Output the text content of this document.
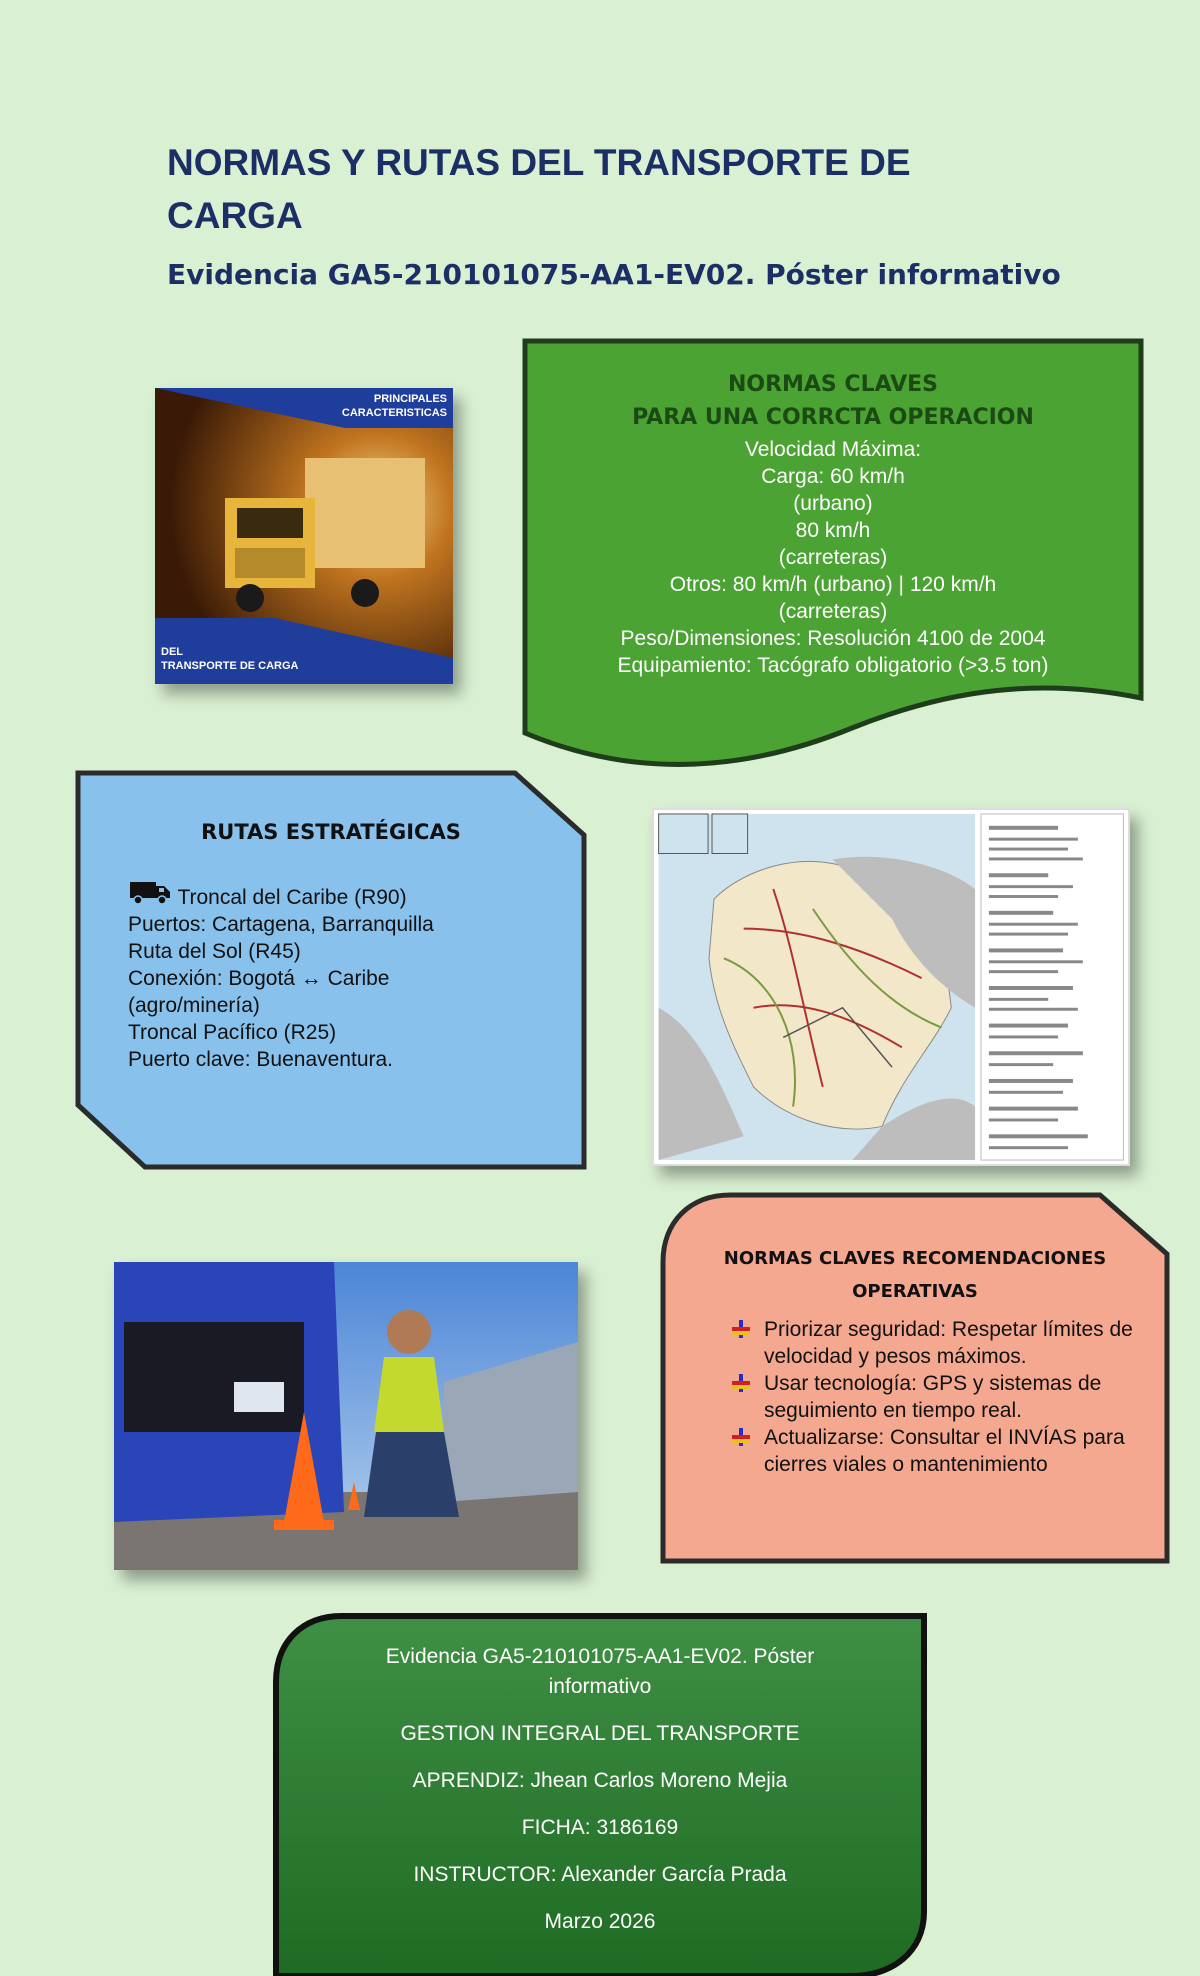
NORMAS Y RUTAS DEL TRANSPORTE DE CARGA
Evidencia GA5-210101075-AA1-EV02. Póster informativo
PRINCIPALES
CARACTERISTICAS
DEL
TRANSPORTE DE CARGA
NORMAS CLAVES
PARA UNA CORRCTA OPERACION
Velocidad Máxima:
Carga: 60 km/h
(urbano)
80 km/h
(carreteras)
Otros: 80 km/h (urbano) | 120 km/h
(carreteras)
Peso/Dimensiones: Resolución 4100 de 2004
Equipamiento: Tacógrafo obligatorio (>3.5 ton)
RUTAS ESTRATÉGICAS
Troncal del Caribe (R90)
Puertos: Cartagena, Barranquilla
Ruta del Sol (R45)
Conexión: Bogotá ↔ Caribe
(agro/minería)
Troncal Pacífico (R25)
Puerto clave: Buenaventura.
NORMAS CLAVES RECOMENDACIONES
OPERATIVAS
Priorizar seguridad: Respetar límites de velocidad y pesos máximos.
Usar tecnología: GPS y sistemas de seguimiento en tiempo real.
Actualizarse: Consultar el INVÍAS para cierres viales o mantenimiento

Evidencia GA5-210101075-AA1-EV02. Póster informativo

GESTION INTEGRAL DEL TRANSPORTE

APRENDIZ: Jhean Carlos Moreno Mejia

FICHA: 3186169

INSTRUCTOR: Alexander García Prada

Marzo 2026
